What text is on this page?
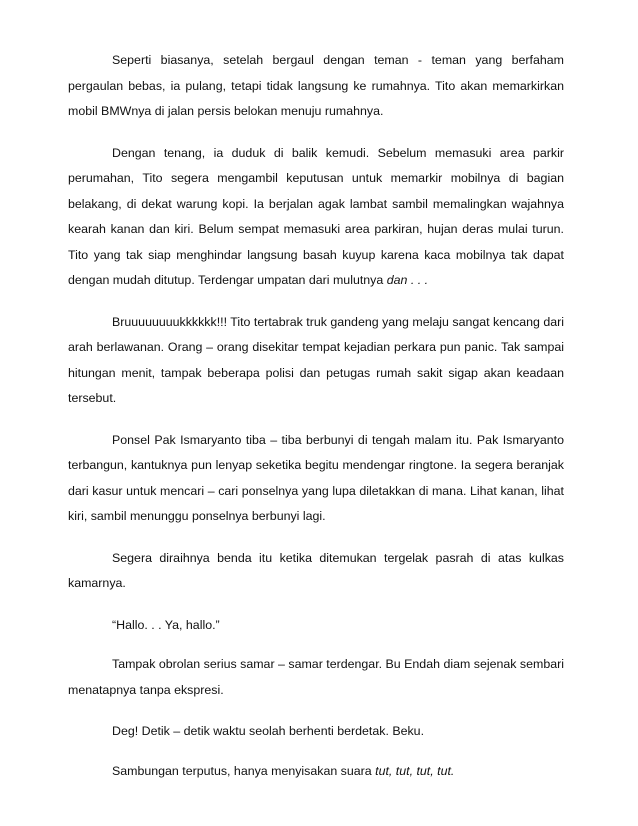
Seperti biasanya, setelah bergaul dengan teman - teman yang berfaham pergaulan bebas, ia pulang, tetapi tidak langsung ke rumahnya. Tito akan memarkirkan mobil BMWnya di jalan persis belokan menuju rumahnya.

Dengan tenang, ia duduk di balik kemudi. Sebelum memasuki area parkir perumahan, Tito segera mengambil keputusan untuk memarkir mobilnya di bagian belakang, di dekat warung kopi. Ia berjalan agak lambat sambil memalingkan wajahnya kearah kanan dan kiri. Belum sempat memasuki area parkiran, hujan deras mulai turun. Tito yang tak siap menghindar langsung basah kuyup karena kaca mobilnya tak dapat dengan mudah ditutup. Terdengar umpatan dari mulutnya dan . . .

Bruuuuuuuukkkkkk!!! Tito tertabrak truk gandeng yang melaju sangat kencang dari arah berlawanan. Orang – orang disekitar tempat kejadian perkara pun panic. Tak sampai hitungan menit, tampak beberapa polisi dan petugas rumah sakit sigap akan keadaan tersebut.

Ponsel Pak Ismaryanto tiba – tiba berbunyi di tengah malam itu. Pak Ismaryanto terbangun, kantuknya pun lenyap seketika begitu mendengar ringtone. Ia segera beranjak dari kasur untuk mencari – cari ponselnya yang lupa diletakkan di mana. Lihat kanan, lihat kiri, sambil menunggu ponselnya berbunyi lagi.

Segera diraihnya benda itu ketika ditemukan tergelak pasrah di atas kulkas kamarnya.

“Hallo. . . Ya, hallo.”

Tampak obrolan serius samar – samar terdengar. Bu Endah diam sejenak sembari menatapnya tanpa ekspresi.

Deg! Detik – detik waktu seolah berhenti berdetak. Beku.

Sambungan terputus, hanya menyisakan suara tut, tut, tut, tut.
